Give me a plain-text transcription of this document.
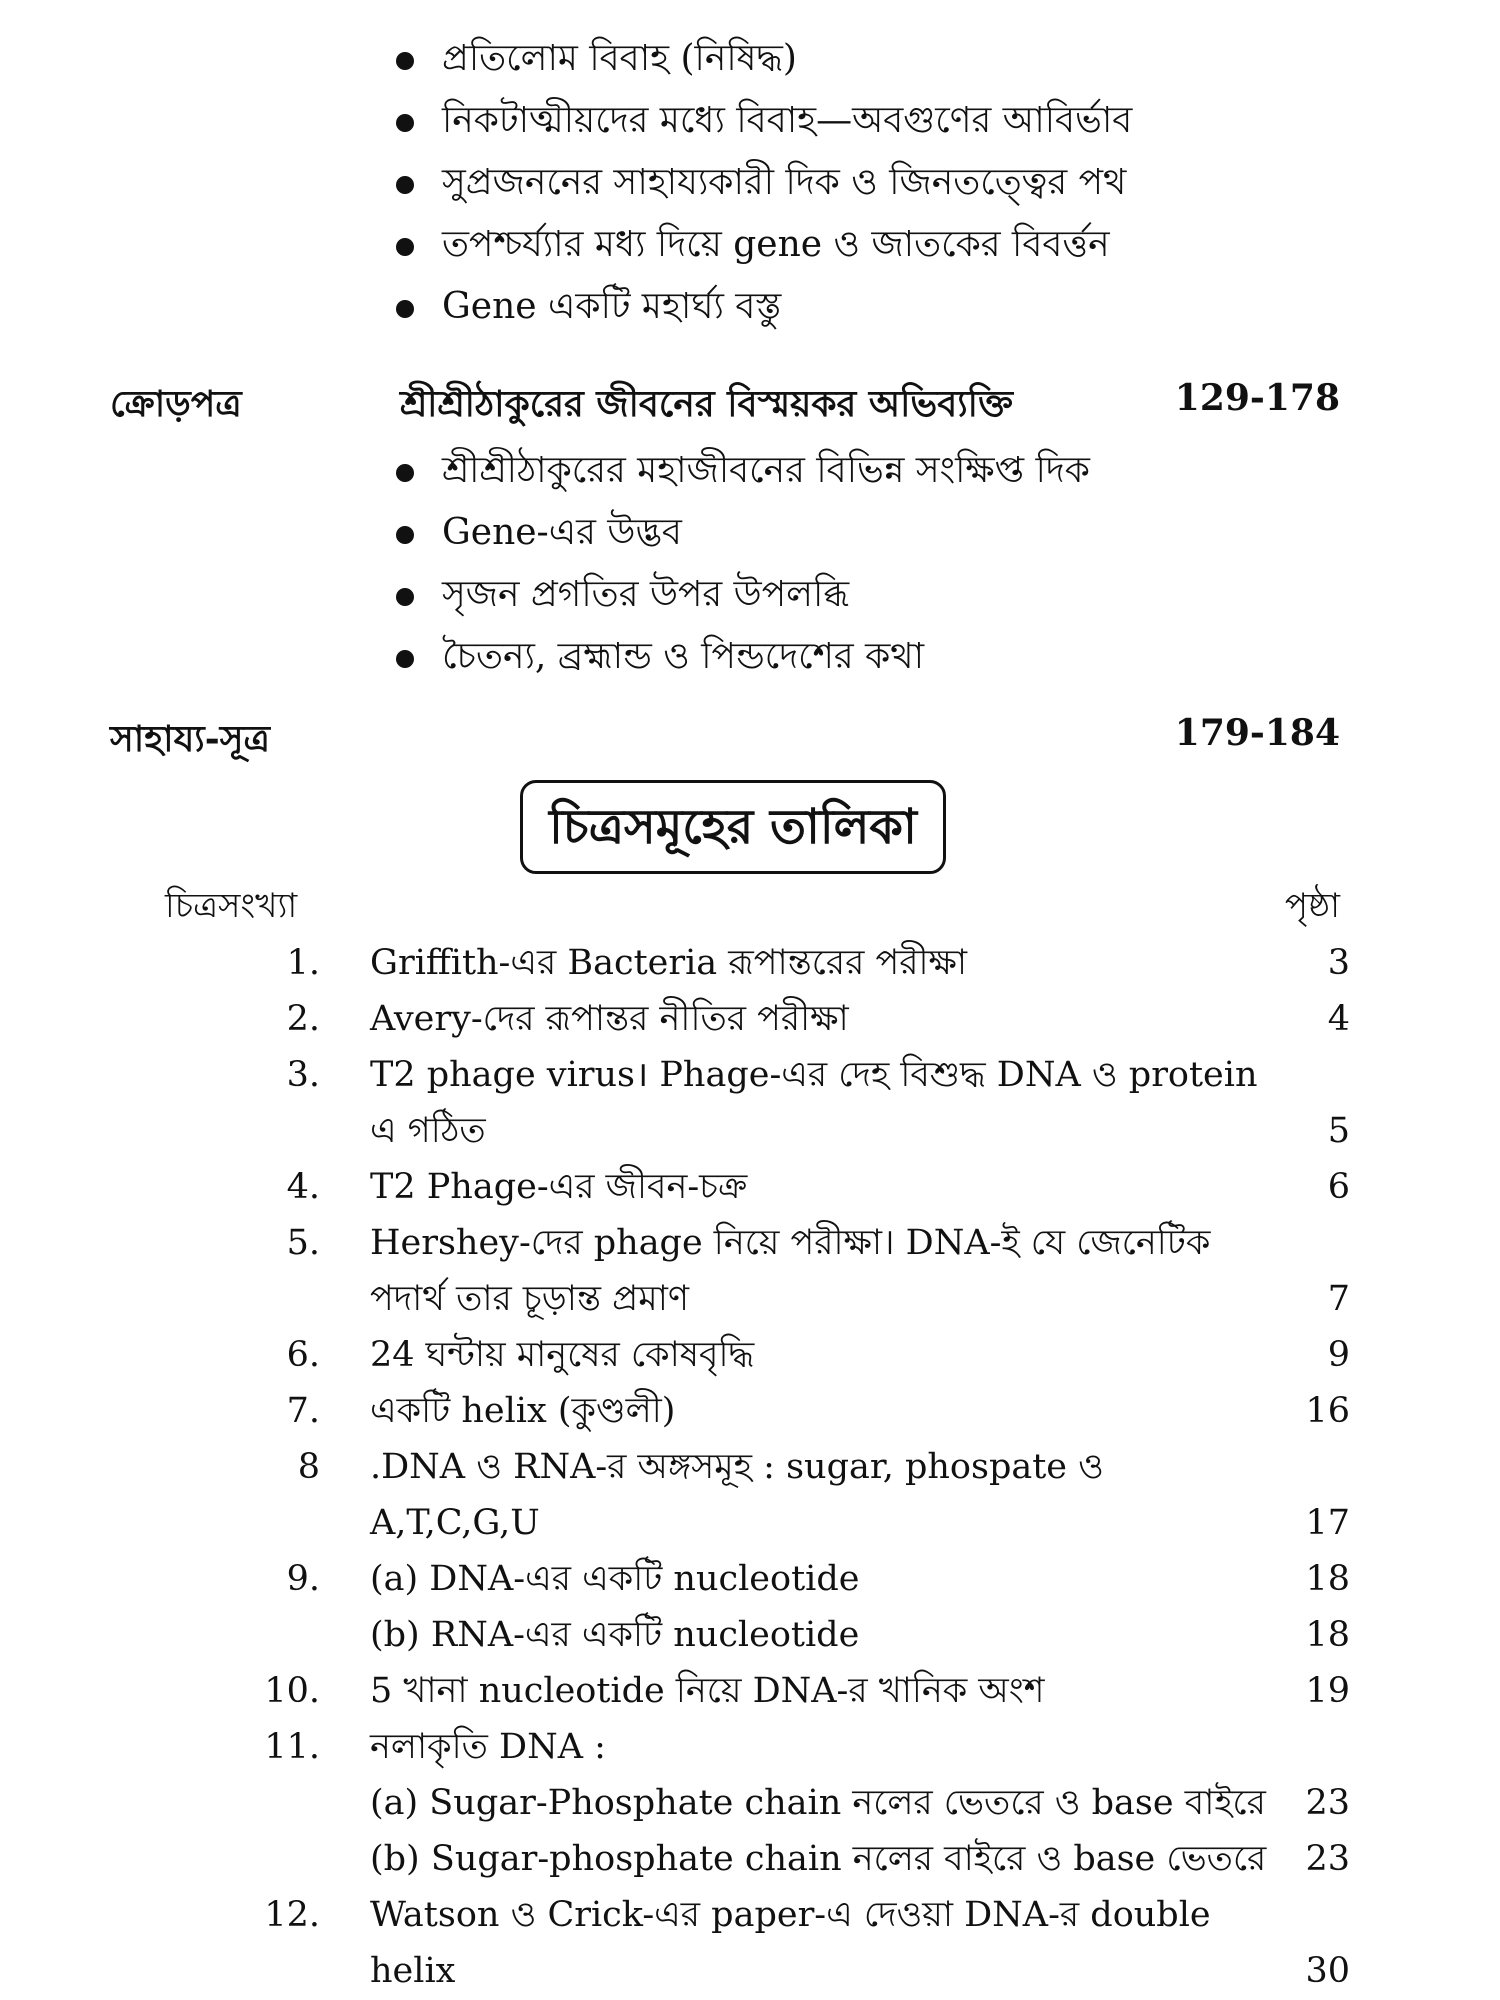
প্রতিলোম বিবাহ (নিষিদ্ধ)
নিকটাত্মীয়দের মধ্যে বিবাহ—অবগুণের আবির্ভাব
সুপ্রজননের সাহায্যকারী দিক ও জিনতত্ত্বের পথ
তপশ্চর্য্যার মধ্য দিয়ে gene ও জাতকের বিবর্ত্তন
Gene একটি মহার্ঘ্য বস্তু
ক্রোড়পত্র	শ্রীশ্রীঠাকুরের জীবনের বিস্ময়কর অভিব্যক্তি	129-178
শ্রীশ্রীঠাকুরের মহাজীবনের বিভিন্ন সংক্ষিপ্ত দিক
Gene-এর উদ্ভব
সৃজন প্রগতির উপর উপলব্ধি
চৈতন্য, ব্রহ্মান্ড ও পিন্ডদেশের কথা
সাহায্য-সূত্র	179-184
চিত্রসমূহের তালিকা
চিত্রসংখ্যা	পৃষ্ঠা
1. Griffith-এর Bacteria রূপান্তরের পরীক্ষা	3
2. Avery-দের রূপান্তর নীতির পরীক্ষা	4
3. T2 phage virus। Phage-এর দেহ বিশুদ্ধ DNA ও protein এ গঠিত	5
4. T2 Phage-এর জীবন-চক্র	6
5. Hershey-দের phage নিয়ে পরীক্ষা। DNA-ই যে জেনেটিক পদার্থ তার চূড়ান্ত প্রমাণ	7
6. 24 ঘন্টায় মানুষের কোষবৃদ্ধি	9
7. একটি helix (কুণ্ডলী)	16
8 .DNA ও RNA-র অঙ্গসমূহ : sugar, phospate ও A,T,C,G,U	17
9. (a) DNA-এর একটি nucleotide	18
(b) RNA-এর একটি nucleotide	18
10. 5 খানা nucleotide নিয়ে DNA-র খানিক অংশ	19
11. নলাকৃতি DNA :
(a) Sugar-Phosphate chain নলের ভেতরে ও base বাইরে	23
(b) Sugar-phosphate chain নলের বাইরে ও base ভেতরে	23
12. Watson ও Crick-এর paper-এ দেওয়া DNA-র double helix	30
